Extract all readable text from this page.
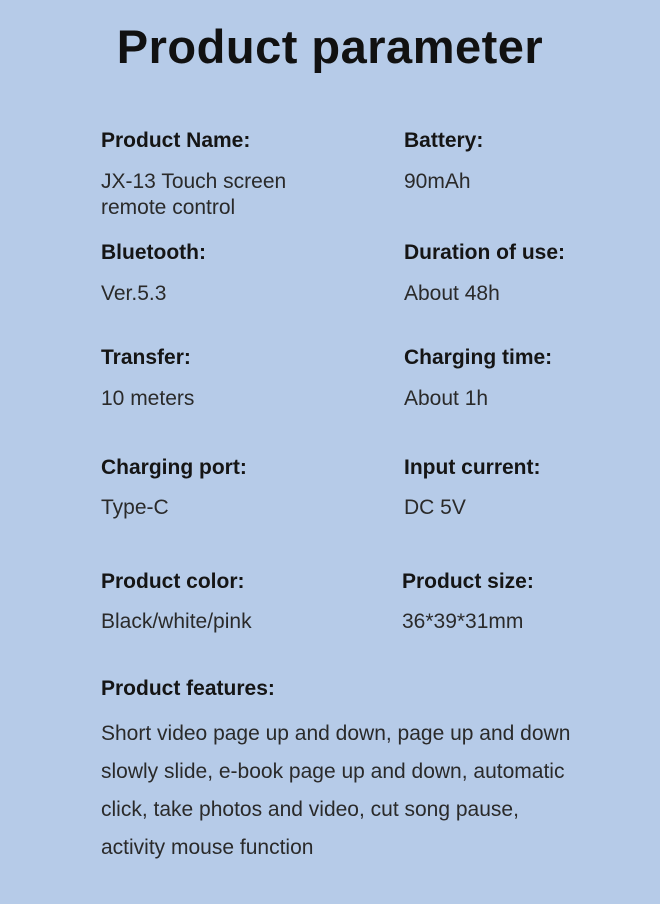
Product parameter
Product Name:
JX-13 Touch screen
remote control
Battery:
90mAh
Bluetooth:
Ver.5.3
Duration of use:
About 48h
Transfer:
10 meters
Charging time:
About 1h
Charging port:
Type-C
Input current:
DC 5V
Product color:
Black/white/pink
Product size:
36*39*31mm
Product features:

Short video page up and down, page up and down
slowly slide, e-book page up and down, automatic
click, take photos and video, cut song pause,
activity mouse function
